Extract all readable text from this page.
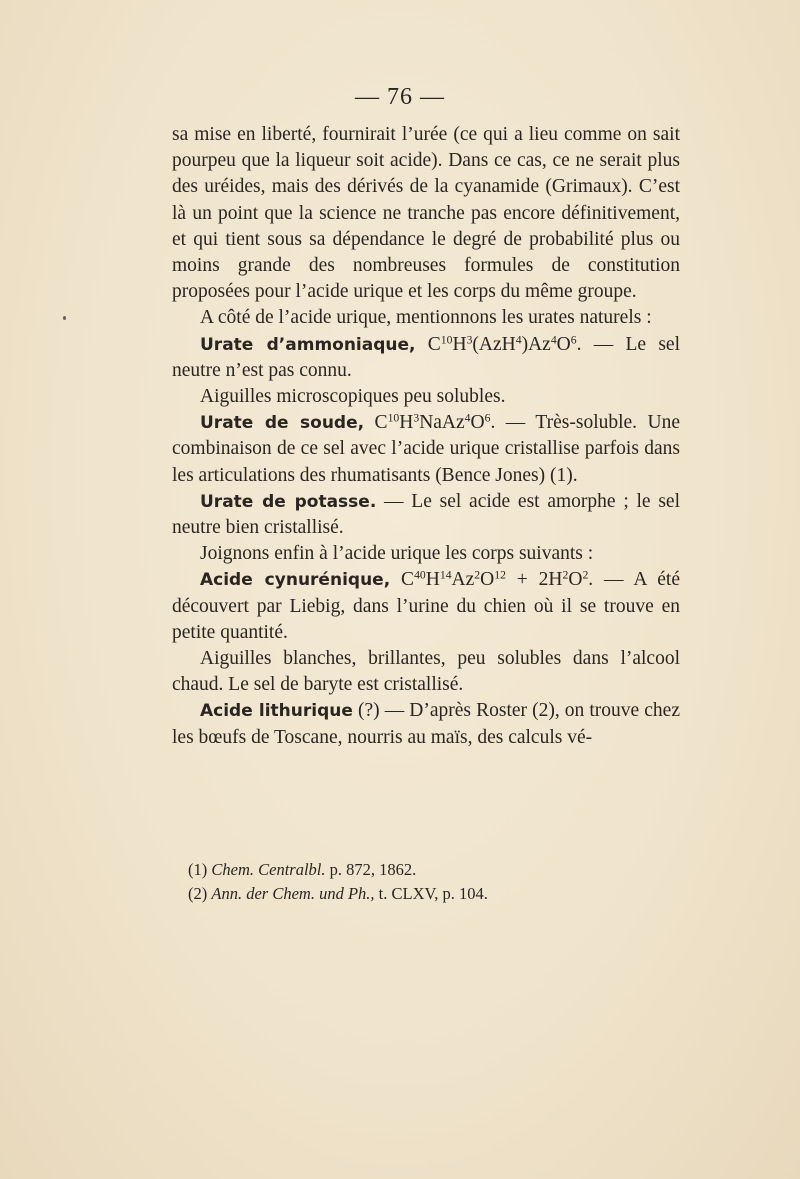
— 76 —

sa mise en liberté, fournirait l’urée (ce qui a lieu comme on sait pourpeu que la liqueur soit acide). Dans ce cas, ce ne serait plus des uréides, mais des dérivés de la cyanamide (Grimaux). C’est là un point que la science ne tranche pas encore définitivement, et qui tient sous sa dépendance le degré de probabilité plus ou moins grande des nombreuses formules de constitution proposées pour l’acide urique et les corps du même groupe.

A côté de l’acide urique, mentionnons les urates naturels :

Urate d’ammoniaque, $C^{10}H^3(AzH^4)Az^4O^6$. — Le sel neutre n’est pas connu.

Aiguilles microscopiques peu solubles.

Urate de soude, $C^{10}H^3NaAz^4O^6$. — Très-soluble. Une combinaison de ce sel avec l’acide urique cristallise parfois dans les articulations des rhumatisants (Bence Jones) (1).

Urate de potasse. — Le sel acide est amorphe ; le sel neutre bien cristallisé.

Joignons enfin à l’acide urique les corps suivants :

Acide cynurénique, $C^{40}H^{14}Az^2O^{12} + 2H^2O^2$. — A été découvert par Liebig, dans l’urine du chien où il se trouve en petite quantité.

Aiguilles blanches, brillantes, peu solubles dans l’alcool chaud. Le sel de baryte est cristallisé.

Acide lithurique (?) — D’après Roster (2), on trouve chez les bœufs de Toscane, nourris au maïs, des calculs vé-

(1) Chem. Centralbl. p. 872, 1862.
(2) Ann. der Chem. und Ph., t. CLXV, p. 104.
